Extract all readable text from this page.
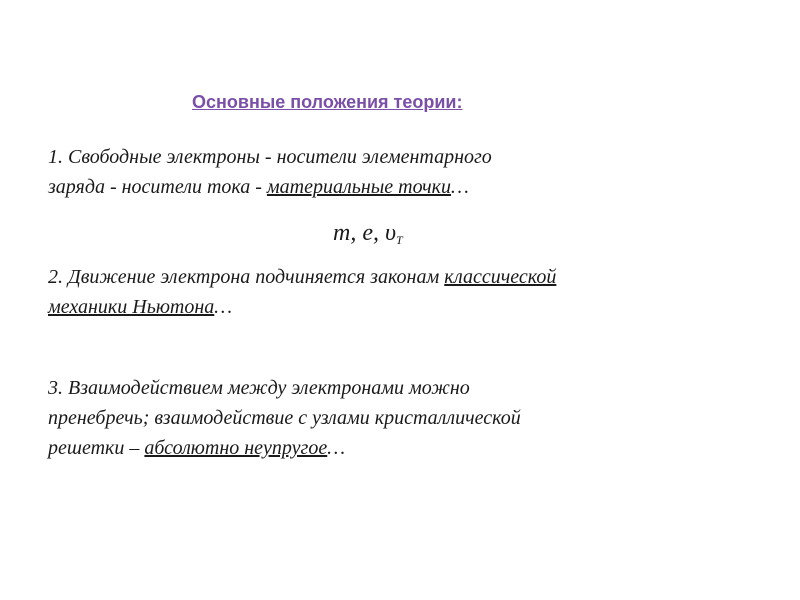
Основные положения теории:
1. Свободные электроны - носители элементарного
заряда - носители тока - материальные точки…
m, e, $\upsilon_T$
2. Движение электрона подчиняется законам классической
механики Ньютона…
3. Взаимодействием между электронами можно
пренебречь; взаимодействие с узлами кристаллической
решетки – абсолютно неупругое…
